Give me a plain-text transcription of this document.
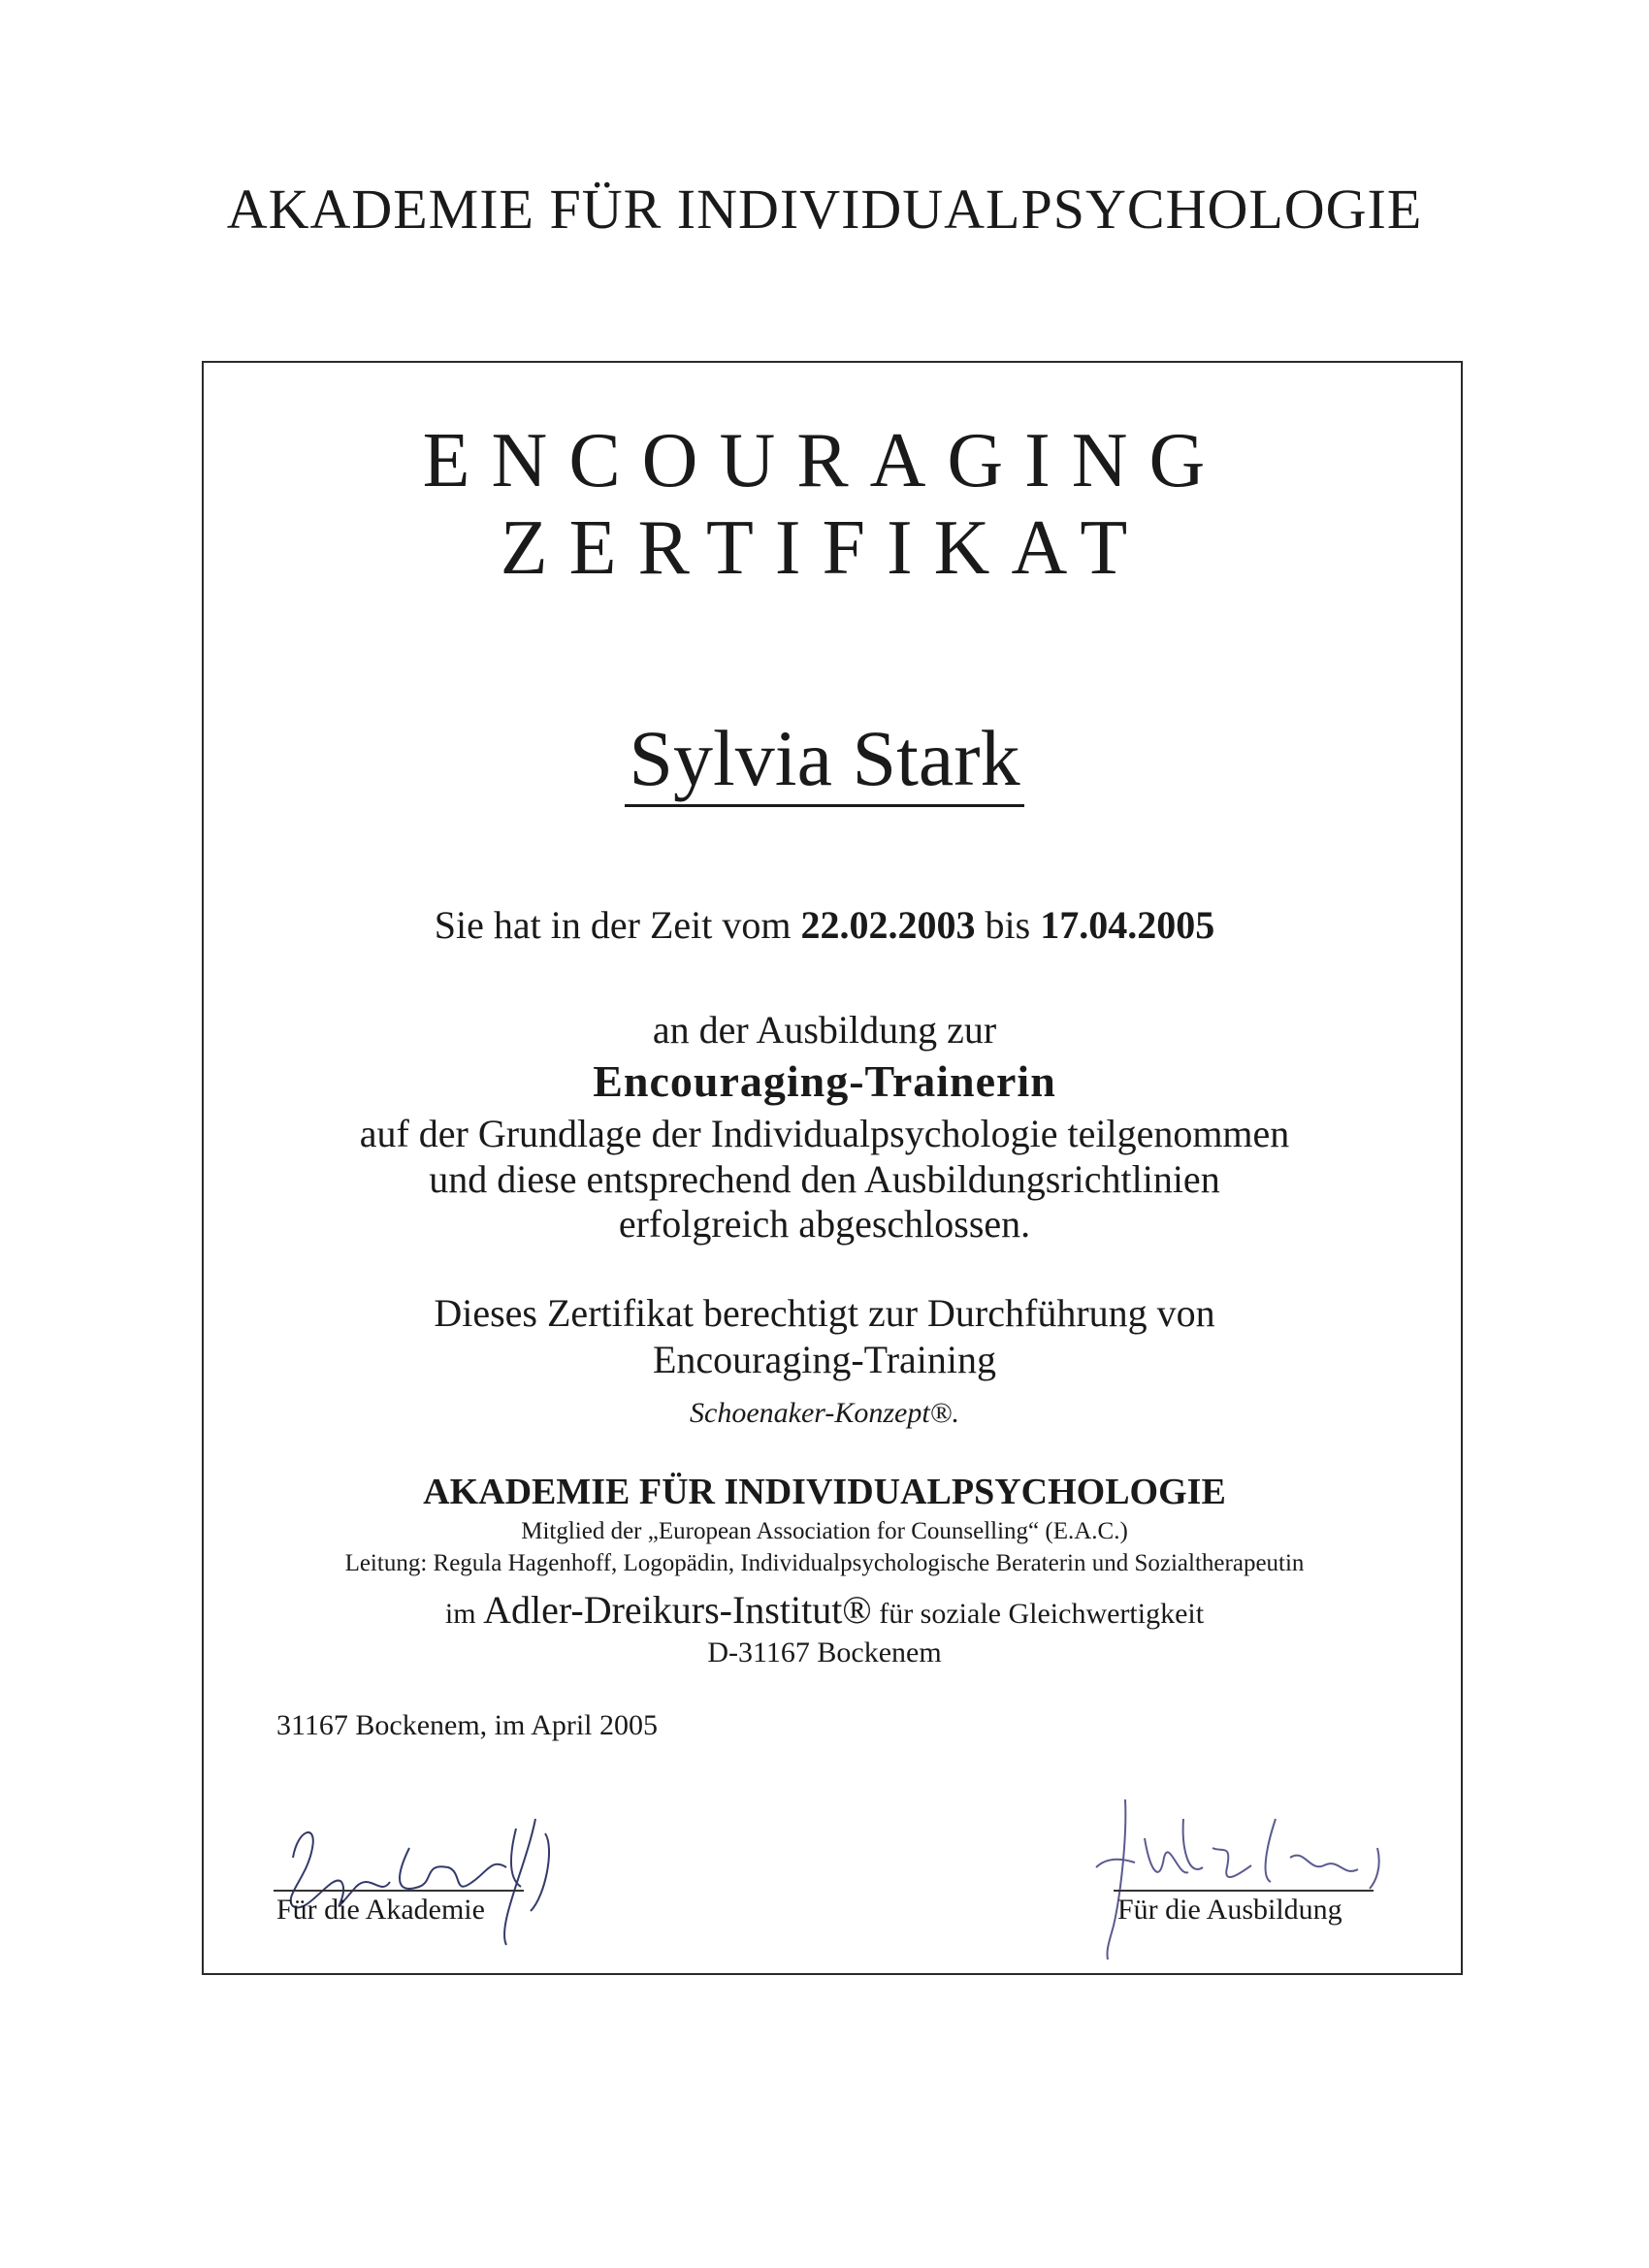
AKADEMIE FÜR INDIVIDUALPSYCHOLOGIE
ENCOURAGING
ZERTIFIKAT
Sylvia Stark
Sie hat in der Zeit vom 22.02.2003 bis 17.04.2005
an der Ausbildung zur
Encouraging-Trainerin
auf der Grundlage der Individualpsychologie teilgenommen
und diese entsprechend den Ausbildungsrichtlinien
erfolgreich abgeschlossen.
Dieses Zertifikat berechtigt zur Durchführung von
Encouraging-Training
Schoenaker-Konzept®.
AKADEMIE FÜR INDIVIDUALPSYCHOLOGIE
Mitglied der „European Association for Counselling“ (E.A.C.)
Leitung: Regula Hagenhoff, Logopädin, Individualpsychologische Beraterin und Sozialtherapeutin
im Adler-Dreikurs-Institut® für soziale Gleichwertigkeit
D-31167 Bockenem
31167 Bockenem, im April 2005
Für die Akademie	Für die Ausbildung
